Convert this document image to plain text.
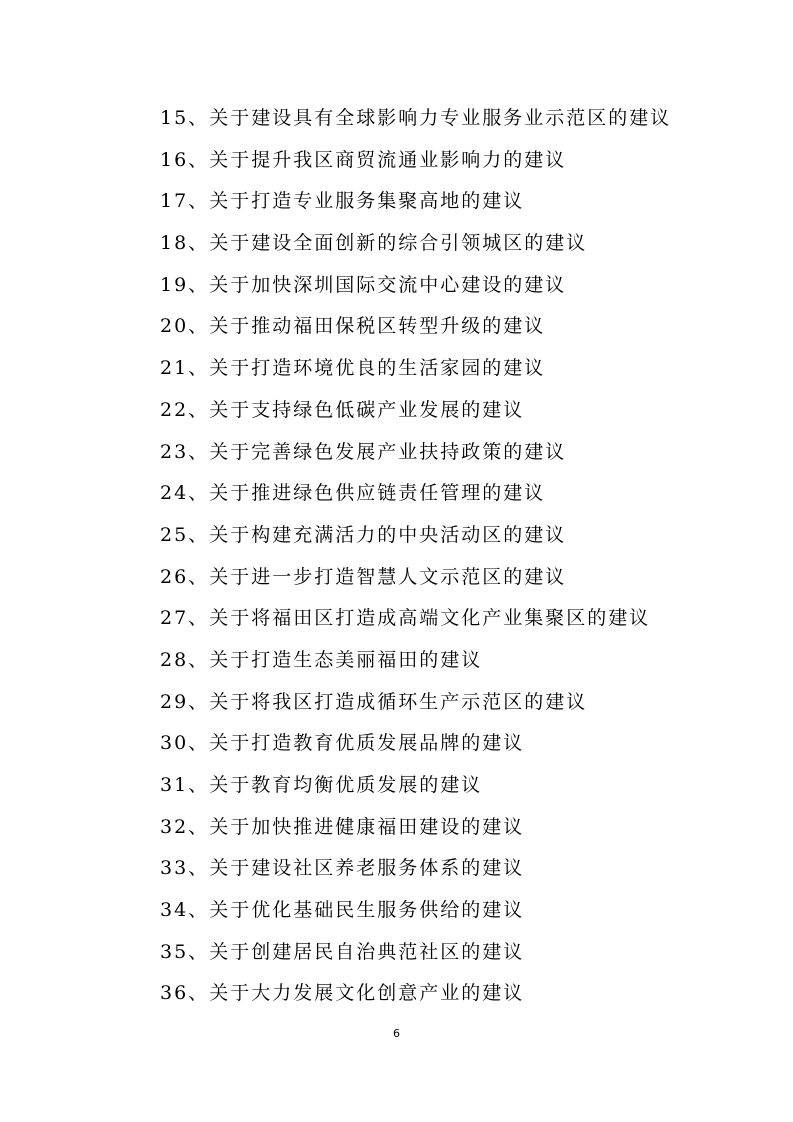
15、关于建设具有全球影响力专业服务业示范区的建议
16、关于提升我区商贸流通业影响力的建议
17、关于打造专业服务集聚高地的建议
18、关于建设全面创新的综合引领城区的建议
19、关于加快深圳国际交流中心建设的建议
20、关于推动福田保税区转型升级的建议
21、关于打造环境优良的生活家园的建议
22、关于支持绿色低碳产业发展的建议
23、关于完善绿色发展产业扶持政策的建议
24、关于推进绿色供应链责任管理的建议
25、关于构建充满活力的中央活动区的建议
26、关于进一步打造智慧人文示范区的建议
27、关于将福田区打造成高端文化产业集聚区的建议
28、关于打造生态美丽福田的建议
29、关于将我区打造成循环生产示范区的建议
30、关于打造教育优质发展品牌的建议
31、关于教育均衡优质发展的建议
32、关于加快推进健康福田建设的建议
33、关于建设社区养老服务体系的建议
34、关于优化基础民生服务供给的建议
35、关于创建居民自治典范社区的建议
36、关于大力发展文化创意产业的建议
6
